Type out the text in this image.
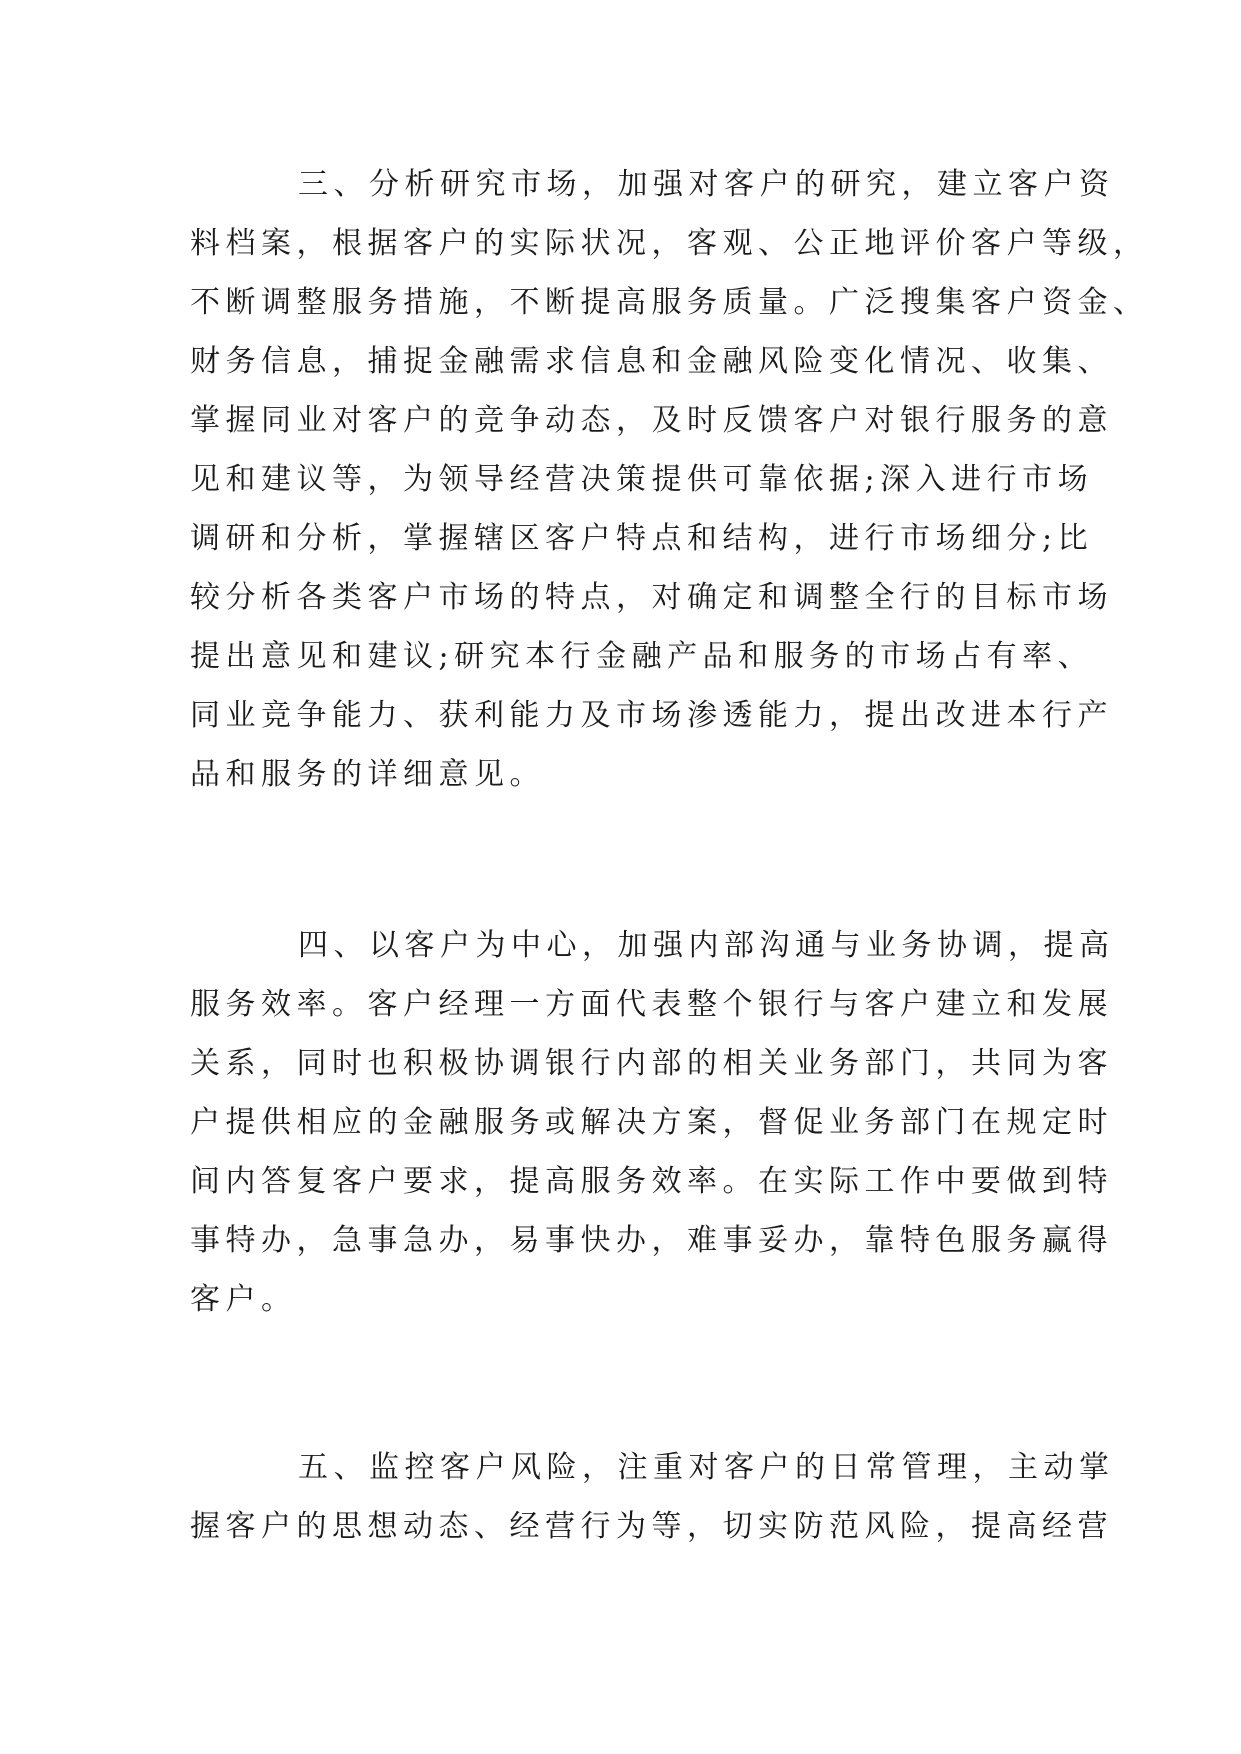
三、分析研究市场，加强对客户的研究，建立客户资
料档案，根据客户的实际状况，客观、公正地评价客户等级，
不断调整服务措施，不断提高服务质量。广泛搜集客户资金、
财务信息，捕捉金融需求信息和金融风险变化情况、收集、
掌握同业对客户的竞争动态，及时反馈客户对银行服务的意
见和建议等，为领导经营决策提供可靠依据;深入进行市场
调研和分析，掌握辖区客户特点和结构，进行市场细分;比
较分析各类客户市场的特点，对确定和调整全行的目标市场
提出意见和建议;研究本行金融产品和服务的市场占有率、
同业竞争能力、获利能力及市场渗透能力，提出改进本行产
品和服务的详细意见。
四、以客户为中心，加强内部沟通与业务协调，提高
服务效率。客户经理一方面代表整个银行与客户建立和发展
关系，同时也积极协调银行内部的相关业务部门，共同为客
户提供相应的金融服务或解决方案，督促业务部门在规定时
间内答复客户要求，提高服务效率。在实际工作中要做到特
事特办，急事急办，易事快办，难事妥办，靠特色服务赢得
客户。
五、监控客户风险，注重对客户的日常管理，主动掌
握客户的思想动态、经营行为等，切实防范风险，提高经营
